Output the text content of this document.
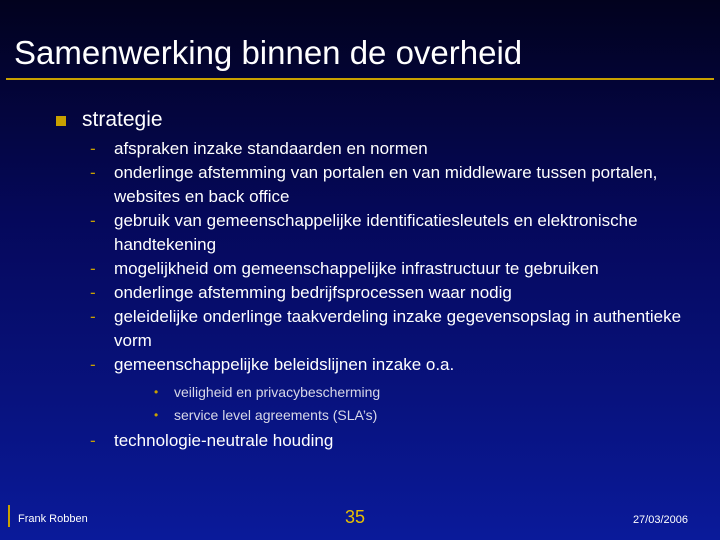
Samenwerking binnen de overheid
strategie
- afspraken inzake standaarden en normen
- onderlinge afstemming van portalen en van middleware tussen portalen, websites en back office
- gebruik van gemeenschappelijke identificatiesleutels en elektronische handtekening
- mogelijkheid om gemeenschappelijke infrastructuur te gebruiken
- onderlinge afstemming bedrijfsprocessen waar nodig
- geleidelijke onderlinge taakverdeling inzake gegevensopslag in authentieke vorm
- gemeenschappelijke beleidslijnen inzake o.a.
• veiligheid en privacybescherming
• service level agreements (SLA’s)
- technologie-neutrale houding
Frank Robben	35	27/03/2006
